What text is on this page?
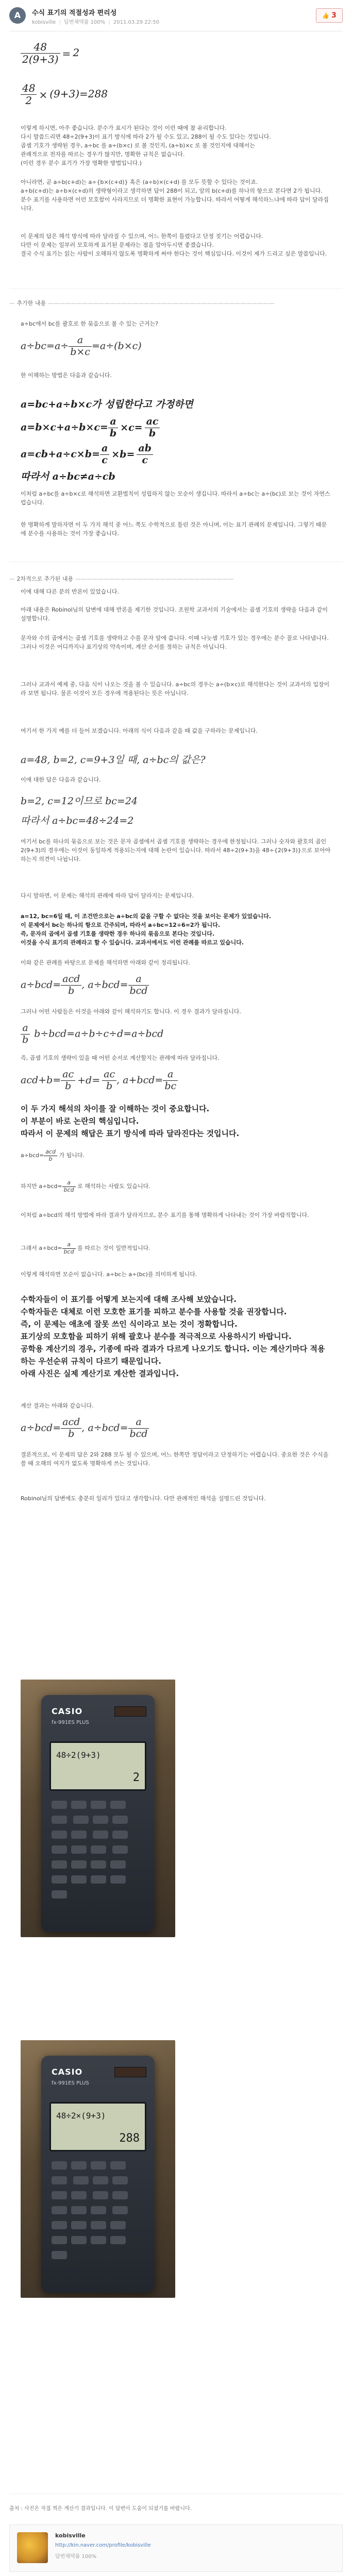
A	수식 표기의 적절성과 편리성
kobisville | 답변채택률 100% | 2011.03.29 22:50
👍 3
$\frac{48}{2(9+3)} = 2$
$\frac{48}{2} \times (9+3)=288$

이렇게 하시면, 아주 좋습니다. 분수가 표시가 된다는 것이 이런 때에 참 유리합니다.
다시 말씀드리면 48÷2(9+3)이 표기 방식에 따라 2가 될 수도 있고, 288이 될 수도 있다는 것입니다.
곱셈 기호가 생략된 경우, a÷bc 를 a÷(b×c) 로 볼 것인지, (a÷b)×c 로 볼 것인지에 대해서는
관례적으로 전자를 따르는 경우가 많지만, 명확한 규칙은 없습니다.
(이런 경우 분수 표기가 가장 명확한 방법입니다.)

아니라면, 곧 a÷b(c+d)는 a÷{b×(c+d)} 혹은 (a÷b)×(c+d) 를 모두 뜻할 수 있다는 것이죠.
a÷b(c+d)는 a÷b×(c+d)의 생략형이라고 생각하면 답이 288이 되고, 앞의 b(c+d)를 하나의 항으로 본다면 2가 됩니다.
분수 표기를 사용하면 이런 모호함이 사라지므로 더 명확한 표현이 가능합니다. 따라서 어떻게 해석하느냐에 따라 답이 달라집니다.

이 문제의 답은 해석 방식에 따라 달라질 수 있으며, 어느 한쪽이 틀렸다고 단정 짓기는 어렵습니다.
다만 이 문제는 일부러 모호하게 표기된 문제라는 점을 알아두시면 좋겠습니다.
결국 수식 표기는 읽는 사람이 오해하지 않도록 명확하게 써야 한다는 것이 핵심입니다. 이것이 제가 드리고 싶은 말씀입니다.

— 추가한 내용 ————————————————————————————————————————

a÷bc에서 bc를 괄호로 한 묶음으로 볼 수 있는 근거는?

$a\div bc=a\div \frac{a}{b\times c} =a\div(b\times c)$

한 이해하는 방법은 다음과 같습니다.

a=bc+a÷b×c가 성립한다고 가정하면
$a=b\times c+a\div b\times c= \frac{a}{b} \times c= \frac{ac}{b}$
$a=cb+a\div c\times b= \frac{a}{c} \times b= \frac{ab}{c}$
따라서 a÷bc≠a÷cb

이처럼 a÷bc를 a÷b×c로 해석하면 교환법칙이 성립하지 않는 모순이 생깁니다. 따라서 a÷bc는 a÷(bc)로 보는 것이 자연스럽습니다.

한 명확하게 말하자면 이 두 가지 해석 중 어느 쪽도 수학적으로 틀린 것은 아니며, 이는 표기 관례의 문제입니다. 그렇기 때문에 분수를 사용하는 것이 가장 좋습니다.

— 2차적으로 추가된 내용 ————————————————————————————

이에 대해 다른 분의 반론이 있었습니다.

아래 내용은 Robinol님의 답변에 대해 반론을 제기한 것입니다. 조원학 교과서의 기술에서는 곱셈 기호의 생략을 다음과 같이 설명합니다.

문자와 수의 곱에서는 곱셈 기호를 생략하고 수를 문자 앞에 씁니다. 이때 나눗셈 기호가 있는 경우에는 분수 꼴로 나타냅니다. 그러나 이것은 어디까지나 표기상의 약속이며, 계산 순서를 정하는 규칙은 아닙니다.

그러나 교과서 예제 중, 다음 식이 나오는 것을 볼 수 있습니다. a÷bc의 경우는 a÷(b×c)로 해석한다는 것이 교과서의 입장이라 보면 됩니다. 물론 이것이 모든 경우에 적용된다는 뜻은 아닙니다.

여기서 한 가지 예를 더 들어 보겠습니다. 아래의 식이 다음과 같을 때 값을 구하라는 문제입니다.

a=48, b=2, c=9+3일 때, a÷bc의 값은?

이에 대한 답은 다음과 같습니다.

b=2, c=12이므로 bc=24
따라서 a÷bc=48÷24=2

여기서 bc를 하나의 묶음으로 보는 것은 문자 곱셈에서 곱셈 기호를 생략하는 경우에 한정됩니다. 그러나 숫자와 괄호의 곱인 2(9+3)의 경우에는 이것이 동일하게 적용되는지에 대해 논란이 있습니다. 따라서 48÷2(9+3)을 48÷{2(9+3)}으로 보아야 하는지 의견이 나뉩니다.

다시 말하면, 이 문제는 해석의 관례에 따라 답이 달라지는 문제입니다.

a=12, bc=6일 때, 이 조건만으로는 a÷bc의 값을 구할 수 없다는 것을 보이는 문제가 있었습니다.
이 문제에서 bc는 하나의 항으로 간주되며, 따라서 a÷bc=12÷6=2가 됩니다.
즉, 문자의 곱에서 곱셈 기호를 생략한 경우 하나의 묶음으로 본다는 것입니다.
이것을 수식 표기의 관례라고 할 수 있습니다. 교과서에서도 이런 관례를 따르고 있습니다.

이와 같은 관례를 바탕으로 문제를 해석하면 아래와 같이 정리됩니다.

$a\div bcd= \frac{\text{acd}}{b}$ , $a\div bcd= \frac{a}{\text{bcd}}$

그러나 어떤 사람들은 이것을 아래와 같이 해석하기도 합니다. 이 경우 결과가 달라집니다.

$\frac{a}{b} b\div bcd=a\div b\div c\div d=a\div bcd$

즉, 곱셈 기호의 생략이 있을 때 어떤 순서로 계산할지는 관례에 따라 달라집니다.

$acd+b= \frac{ac}{b} +d= \frac{ac}{b}$ , $a+bcd= \frac{a}{bc}$

이 두 가지 해석의 차이를 잘 이해하는 것이 중요합니다.
이 부분이 바로 논란의 핵심입니다.
따라서 이 문제의 해답은 표기 방식에 따라 달라진다는 것입니다.

$a\div bcd= \frac{\text{acd}}{b}$ 가 됩니다.

하지만 $a\div bcd= \frac{a}{\text{bcd}}$ 로 해석하는 사람도 있습니다.

이처럼 a÷bcd의 해석 방법에 따라 결과가 달라지므로, 분수 표기를 통해 명확하게 나타내는 것이 가장 바람직합니다.

그래서 $a\div bcd= \frac{a}{\text{bcd}}$ 를 따르는 것이 일반적입니다.

이렇게 해석하면 모순이 없습니다. a÷bc는 a÷(bc)를 의미하게 됩니다.

수학자들이 이 표기를 어떻게 보는지에 대해 조사해 보았습니다.
수학자들은 대체로 이런 모호한 표기를 피하고 분수를 사용할 것을 권장합니다.
즉, 이 문제는 애초에 잘못 쓰인 식이라고 보는 것이 정확합니다.
표기상의 모호함을 피하기 위해 괄호나 분수를 적극적으로 사용하시기 바랍니다.
공학용 계산기의 경우, 기종에 따라 결과가 다르게 나오기도 합니다. 이는 계산기마다 적용하는 우선순위 규칙이 다르기 때문입니다.
아래 사진은 실제 계산기로 계산한 결과입니다.

계산 결과는 아래와 같습니다.

$a\div bcd= \frac{\text{acd}}{b}$ , $a\div bcd= \frac{a}{\text{bcd}}$

결론적으로, 이 문제의 답은 2와 288 모두 될 수 있으며, 어느 한쪽만 정답이라고 단정하기는 어렵습니다. 중요한 것은 수식을 쓸 때 오해의 여지가 없도록 명확하게 쓰는 것입니다.

Robinol님의 답변에도 충분히 일리가 있다고 생각합니다. 다만 관례적인 해석을 설명드린 것입니다.

CASIO
fx-991ES PLUS
48÷2(9+3)
2

CASIO
fx-991ES PLUS
48÷2×(9+3)
288

출처 : 사진은 직접 찍은 계산기 결과입니다. 이 답변이 도움이 되셨기를 바랍니다.
kobisville
http://kin.naver.com/profile/kobisville
답변채택률 100%
